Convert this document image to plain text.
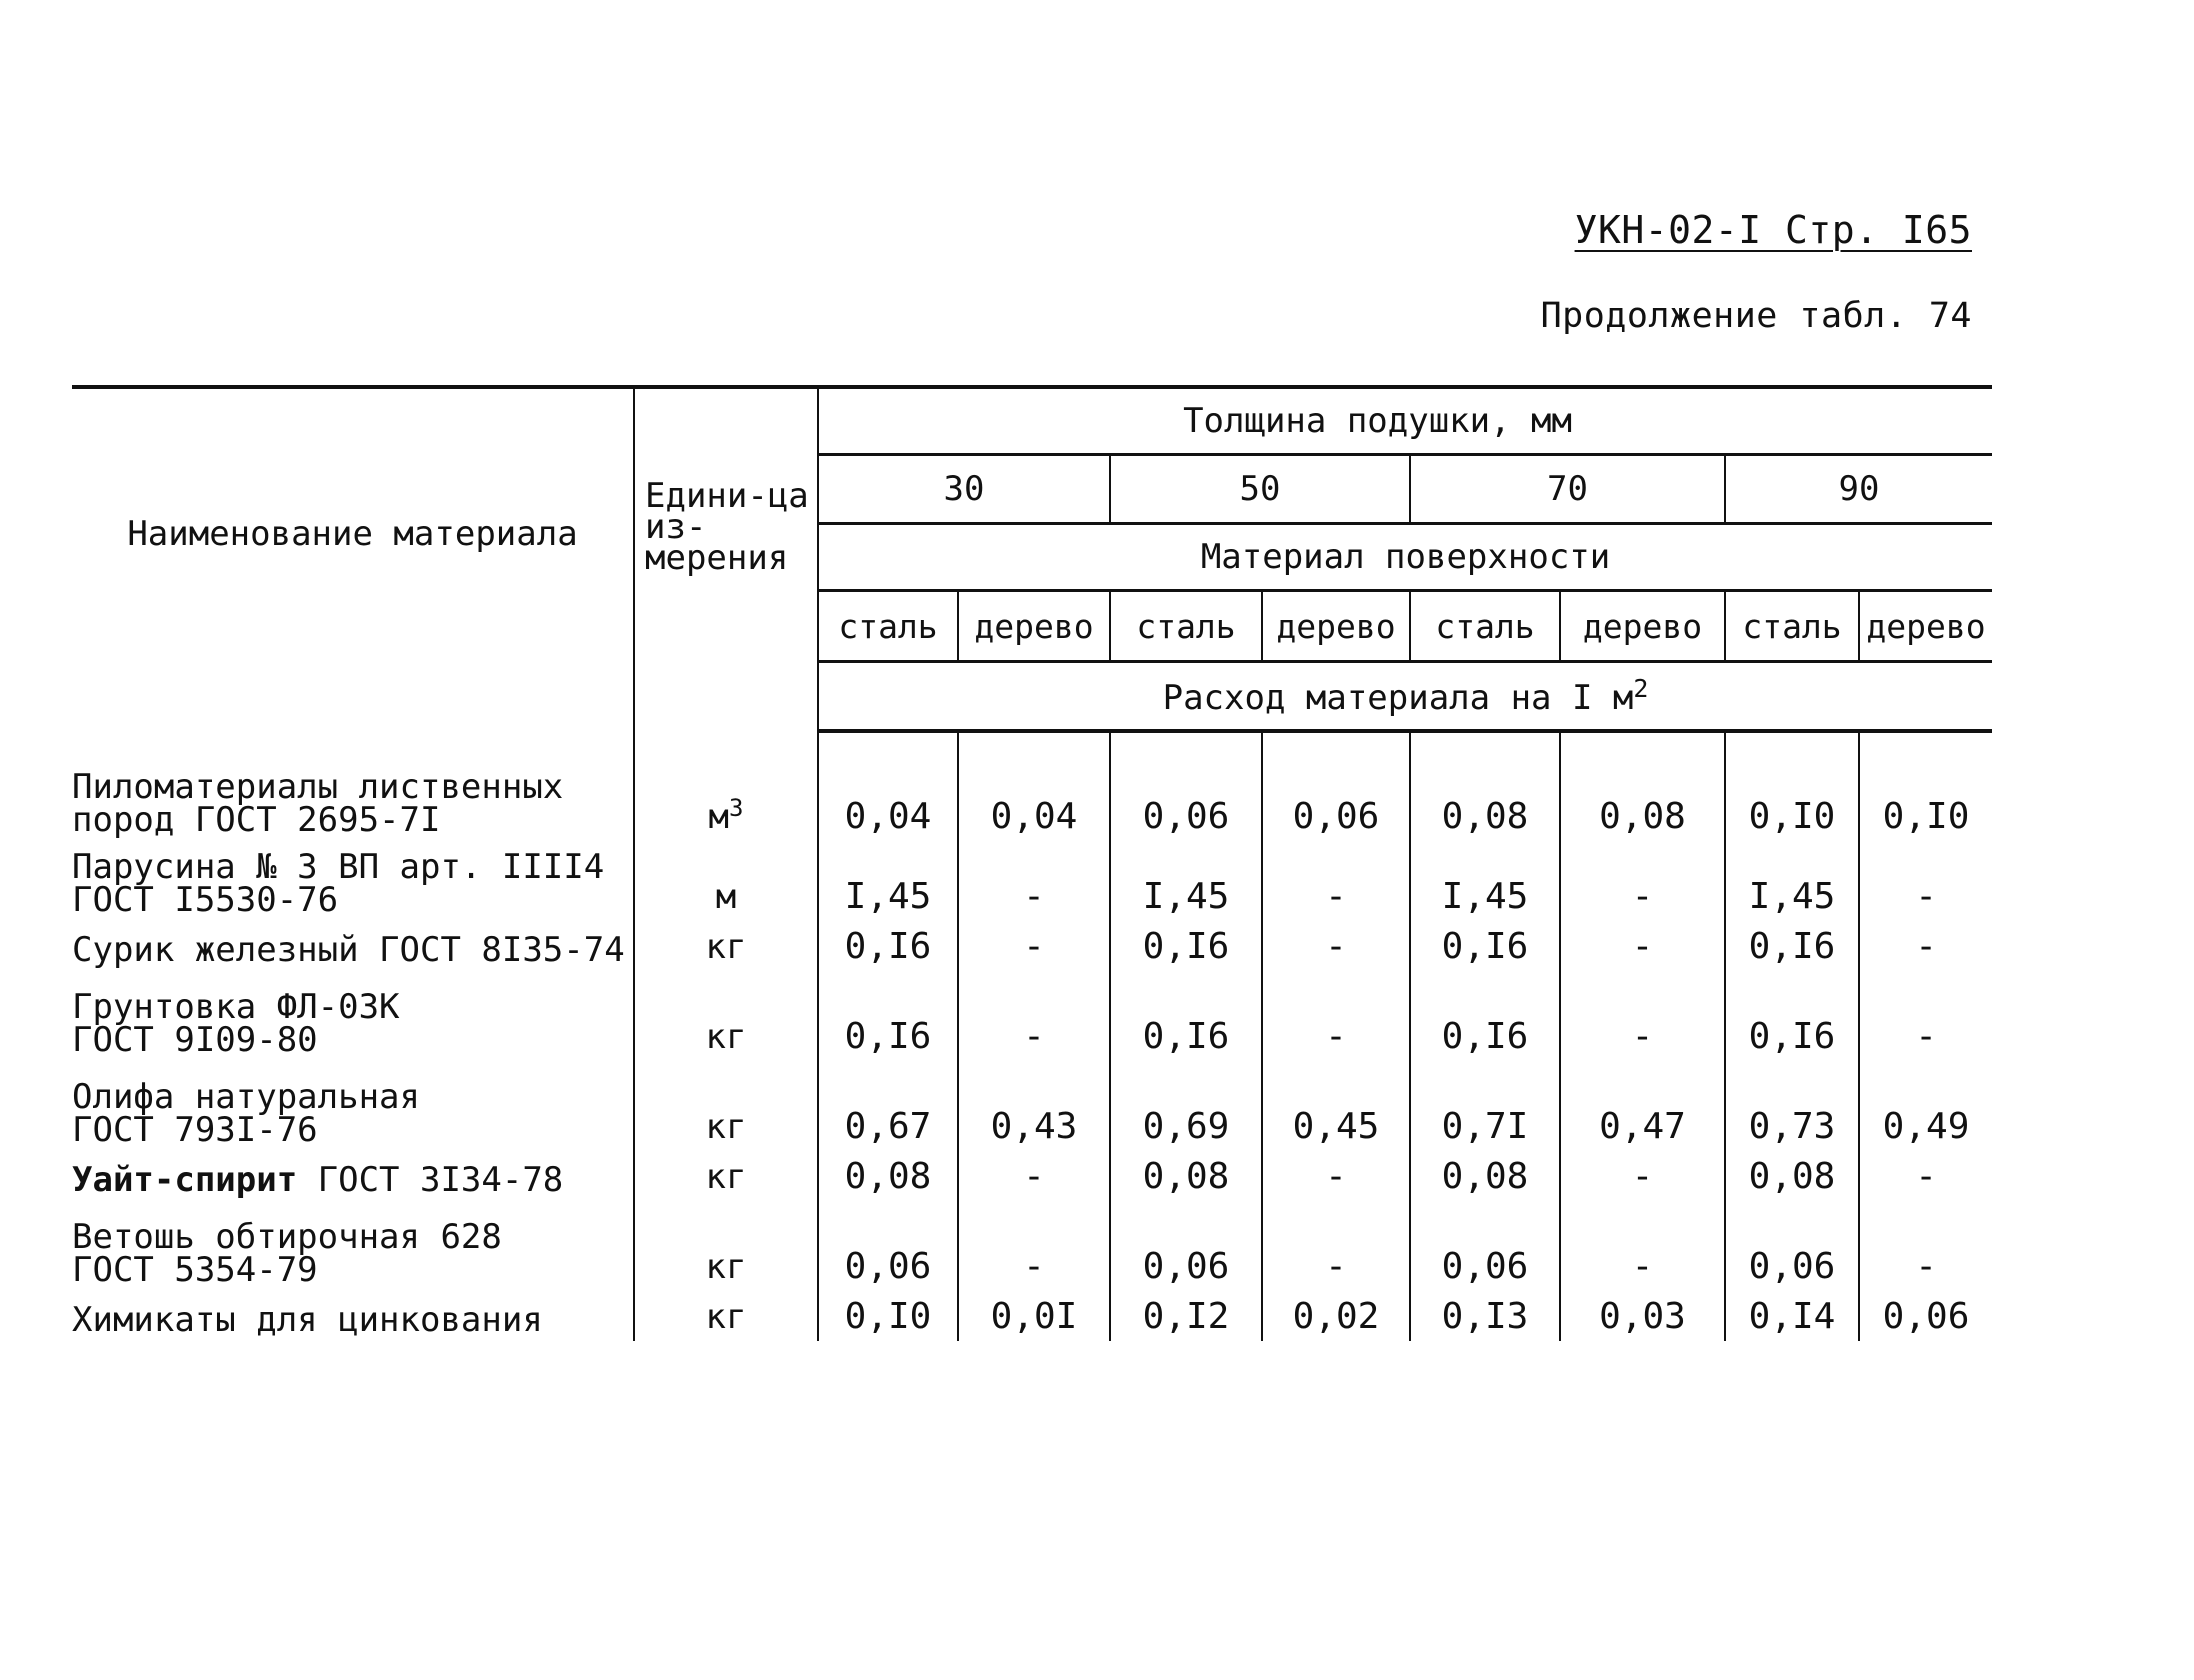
УКН-02-I Стр. I65
Продолжение табл. 74
Наименование материала	Едини-ца из-мерения	Толщина подушки, мм							
		30		50		70		90	
		Материал поверхности							
		сталь	дерево	сталь	дерево	сталь	дерево	сталь	дерево
		Расход материала на I $м^2$

Пиломатериалы лиственных
пород ГОСТ 2695-7I	$м^3$	0,04	0,04	0,06	0,06	0,08	0,08	0,I0	0,I0

Парусина № 3 ВП арт. IIII4
ГОСТ I5530-76	м	I,45	-	I,45	-	I,45	-	I,45	-

Сурик железный ГОСТ 8I35-74	кг	0,I6	-	0,I6	-	0,I6	-	0,I6	-

Грунтовка ФЛ-03К
ГОСТ 9I09-80	кг	0,I6	-	0,I6	-	0,I6	-	0,I6	-

Олифа натуральная
ГОСТ 793I-76	кг	0,67	0,43	0,69	0,45	0,7I	0,47	0,73	0,49

Уайт-спирит ГОСТ 3I34-78	кг	0,08	-	0,08	-	0,08	-	0,08	-

Ветошь обтирочная 628
ГОСТ 5354-79	кг	0,06	-	0,06	-	0,06	-	0,06	-

Химикаты для цинкования	кг	0,I0	0,0I	0,I2	0,02	0,I3	0,03	0,I4	0,06
